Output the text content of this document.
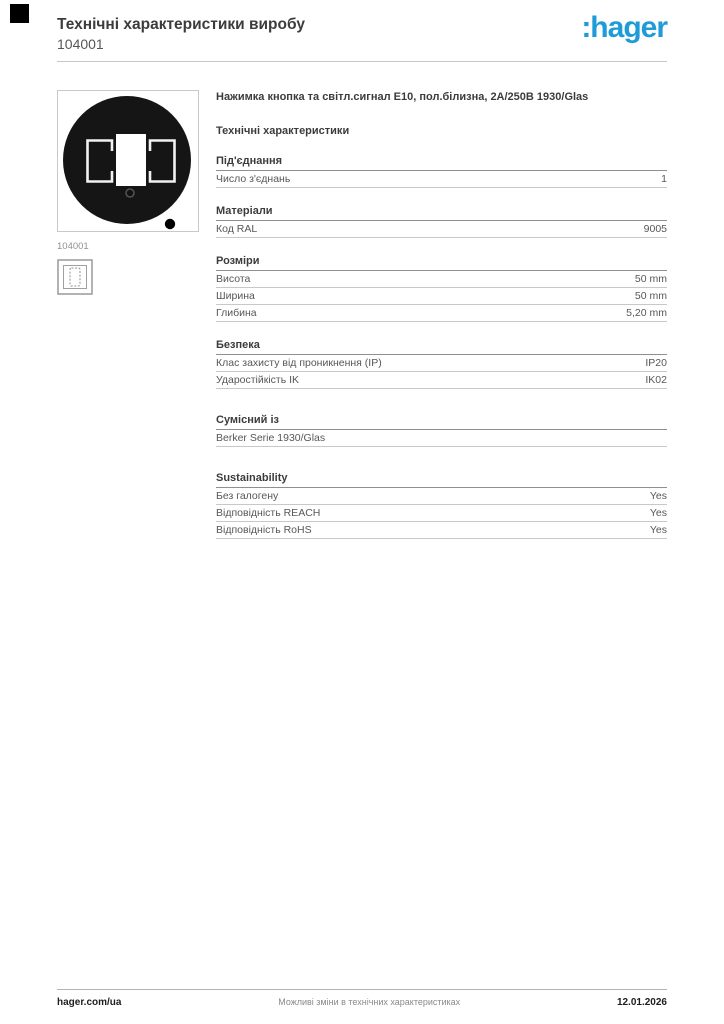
Технічні характеристики виробу
104001	:hager
104001
Нажимка кнопка та світл.сигнал E10, пол.білизна, 2A/250B 1930/Glas
Технічні характеристики
Під'єднання
Число з'єднань	1
Матеріали
Код RAL	9005
Розміри
Висота	50 mm
Ширина	50 mm
Глибина	5,20 mm
Безпека
Клас захисту від проникнення (IP)	IP20
Ударостійкість IK	IK02
Сумісний із
Berker Serie 1930/Glas
Sustainability
Без галогену	Yes
Відповідність REACH	Yes
Відповідність RoHS	Yes
hager.com/ua	Можливі зміни в технічних характеристиках	12.01.2026
